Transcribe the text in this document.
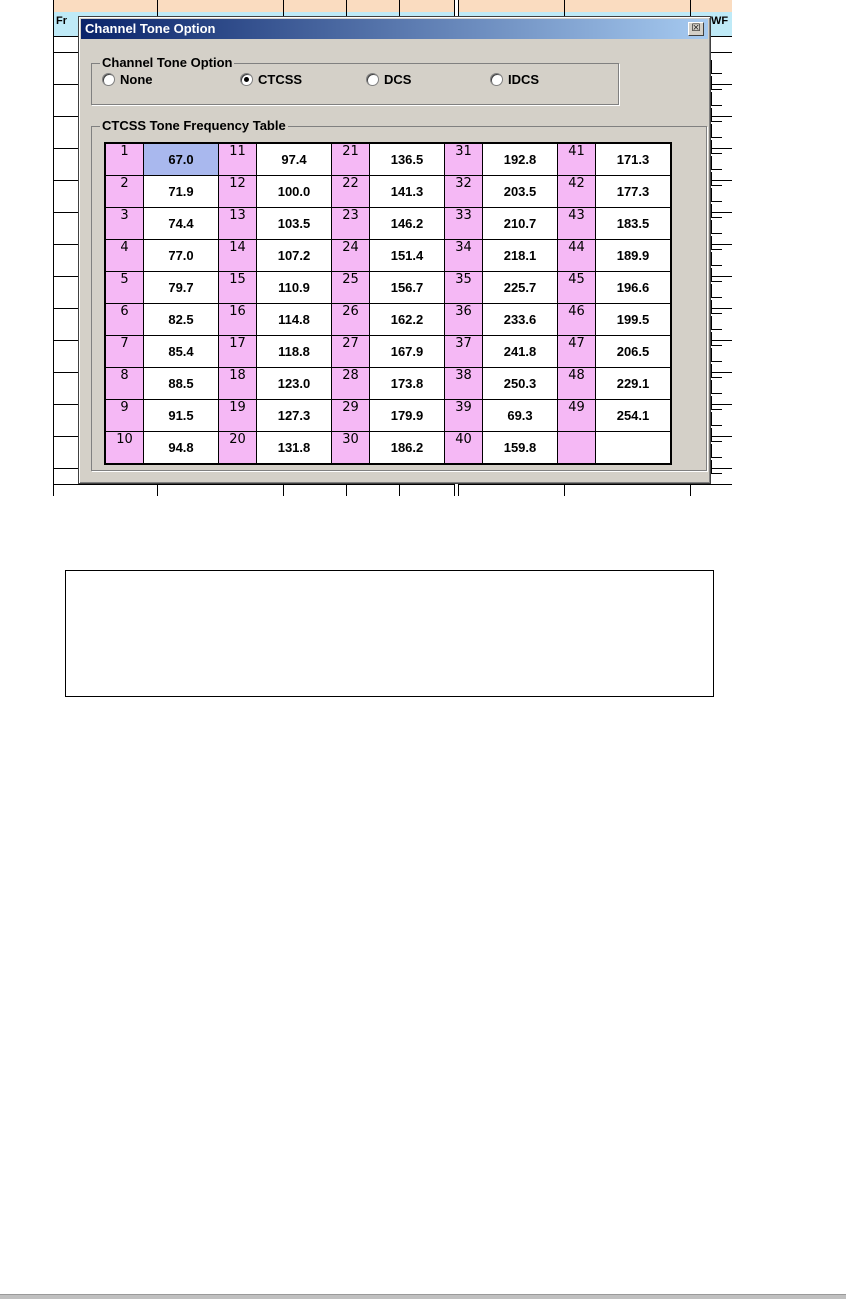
Fr	WF
Channel Tone Option	☒
Channel Tone Option
None	CTCSS	DCS	IDCS
CTCSS Tone Frequency Table
1	67.0	11	97.4	21	136.5	31	192.8	41	171.3
2	71.9	12	100.0	22	141.3	32	203.5	42	177.3
3	74.4	13	103.5	23	146.2	33	210.7	43	183.5
4	77.0	14	107.2	24	151.4	34	218.1	44	189.9
5	79.7	15	110.9	25	156.7	35	225.7	45	196.6
6	82.5	16	114.8	26	162.2	36	233.6	46	199.5
7	85.4	17	118.8	27	167.9	37	241.8	47	206.5
8	88.5	18	123.0	28	173.8	38	250.3	48	229.1
9	91.5	19	127.3	29	179.9	39	69.3	49	254.1
10	94.8	20	131.8	30	186.2	40	159.8		
